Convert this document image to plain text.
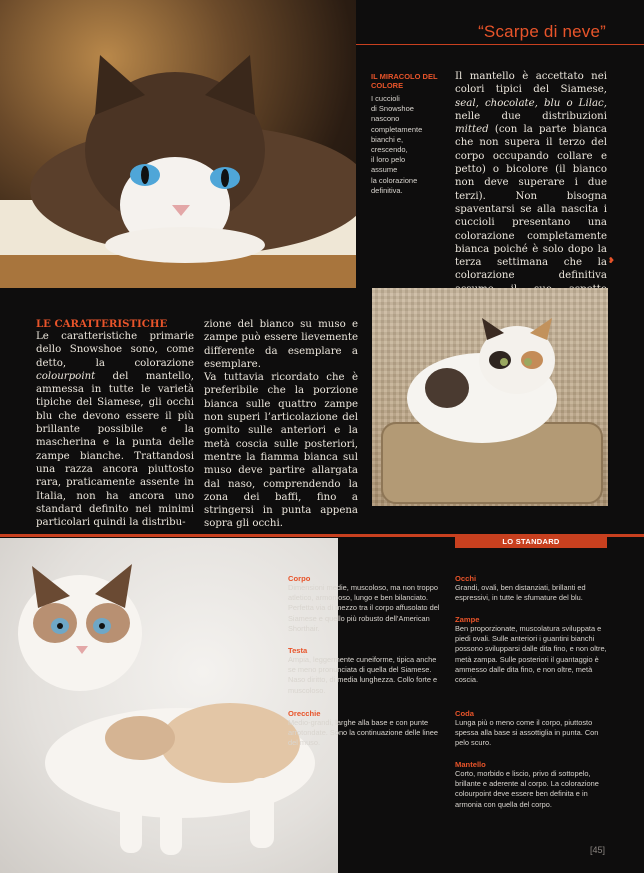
“Scarpe di neve”
IL MIRACOLO DEL COLORE
I cuccioli
di Snowshoe
nascono
completamente
bianchi e,
crescendo,
il loro pelo
assume
la colorazione
definitiva.
Il mantello è accettato nei colori tipici del Siamese, seal, chocolate, blu o Lilac, nelle due distribuzioni mitted (con la parte bianca che non supera il terzo del corpo occupando collare e petto) o bicolore (il bianco non deve superare i due terzi). Non bisogna spaventarsi se alla nascita i cuccioli presentano una colorazione completamente bianca poiché è solo dopo la terza settimana che la colorazione definitiva
❥
LE CARATTERISTICHE
Le caratteristiche primarie dello Snowshoe sono, come detto, la colorazione colourpoint del mantello, ammessa in tutte le varietà tipiche del Siamese, gli occhi blu che devono essere il più brillante possibile e la mascherina e la punta delle zampe bianche. Trattandosi una razza ancora piuttosto rara, praticamente assente in Italia, non ha ancora uno standard definito nei minimi particolari quindi la distribu-
zione del bianco su muso e zampe può essere lievemente differente da esemplare a esemplare.
Va tuttavia ricordato che è preferibile che la porzione bianca sulle quattro zampe non superi l’articolazione del gomito sulle anteriori e la metà coscia sulle posteriori, mentre la fiamma bianca sul muso deve partire allargata dal naso, comprendendo la zona dei baffi, fino a stringersi in punta appena sopra gli occhi.
LO STANDARD
Corpo
Dimensioni medie, muscoloso, ma non troppo atletico, armonioso, lungo e ben bilanciato. Perfetta via di mezzo tra il corpo affusolato del Siamese e quello più robusto dell’American Shorthair.
Testa
Ampia, leggermente cuneiforme, tipica anche se meno pronunciata di quella del Siamese. Naso diritto, di media lunghezza. Collo forte e muscoloso.
Orecchie
Medio-grandi, larghe alla base e con punte arrotondate. Sono la continuazione delle linee del muso.
Occhi
Grandi, ovali, ben distanziati, brillanti ed espressivi, in tutte le sfumature del blu.
Zampe
Ben proporzionate, muscolatura sviluppata e piedi ovali. Sulle anteriori i guantini bianchi possono svilupparsi dalle dita fino, e non oltre, metà zampa. Sulle posteriori il guantaggio è ammesso dalle dita fino, e non oltre, metà coscia.
Coda
Lunga più o meno come il corpo, piuttosto spessa alla base si assottiglia in punta. Con pelo scuro.
Mantello
Corto, morbido e liscio, privo di sottopelo, brillante e aderente al corpo. La colorazione colourpoint deve essere ben definita e in armonia con quella del corpo.
[45]
